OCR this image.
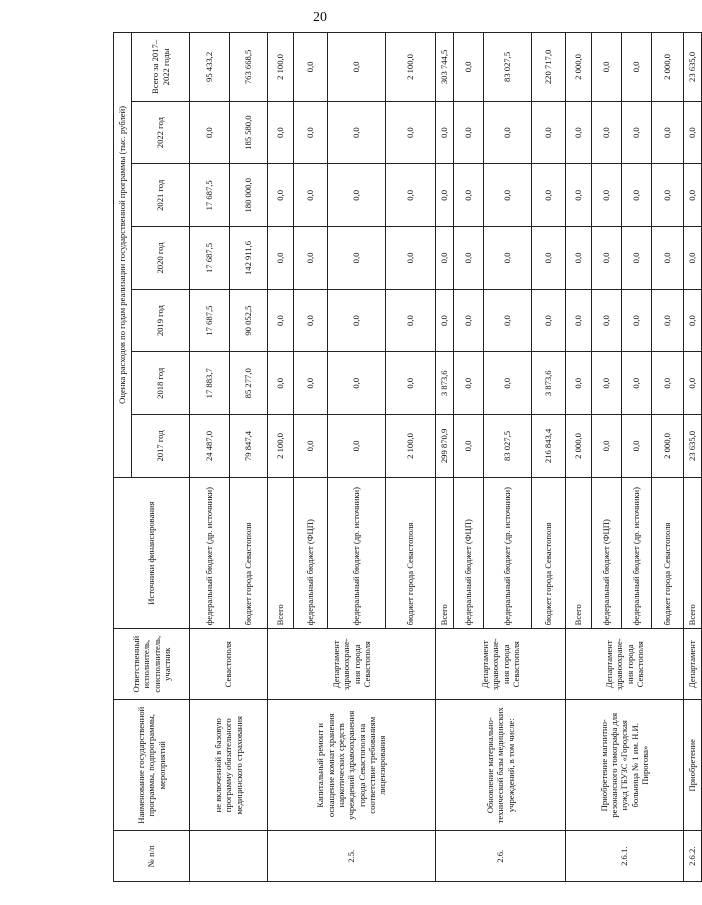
20
№ п/п	Наименование государственной программы, подпрограммы, мероприятий	Ответственный исполнитель, соисполнитель, участник	Источники финансирования	Оценка расходов по годам реализации государственной программы (тыс. рублей)						
				2017 год	2018 год	2019 год	2020 год	2021 год	2022 год	Всего за 2017–2022 годы
	не включенной в базовую программу обязательного медицинского страхования	Севастополя	федеральный бюджет (др. источники)	24 487,0	17 883,7	17 687,5	17 687,5	17 687,5	0,0	95 433,2
			бюджет города Севастополя	79 847,4	85 277,0	90 052,5	142 911,6	180 000,0	185 580,0	763 668,5
2.5.	Капитальный ремонт и оснащение комнат хранения наркотических средств учреждений здравоохранения города Севастополя на соответствие требованиям лицензирования	Департамент здравоохране-ния города Севастополя	Всего	2 100,0	0,0	0,0	0,0	0,0	0,0	2 100,0
			федеральный бюджет (ФЦП)	0,0	0,0	0,0	0,0	0,0	0,0	0,0
			федеральный бюджет (др. источники)	0,0	0,0	0,0	0,0	0,0	0,0	0,0
			бюджет города Севастополя	2 100,0	0,0	0,0	0,0	0,0	0,0	2 100,0
2.6.	Обновление материально-технической базы медицинских учреждений, в том числе:	Департамент здравоохране-ния города Севастополя	Всего	299 870,9	3 873,6	0,0	0,0	0,0	0,0	303 744,5
			федеральный бюджет (ФЦП)	0,0	0,0	0,0	0,0	0,0	0,0	0,0
			федеральный бюджет (др. источники)	83 027,5	0,0	0,0	0,0	0,0	0,0	83 027,5
			бюджет города Севастополя	216 843,4	3 873,6	0,0	0,0	0,0	0,0	220 717,0
2.6.1.	Приобретение магнитно-резонансного томографа для нужд ГБУЗС «Городская больница № 1 им. Н.И. Пирогова»	Департамент здравоохране-ния города Севастополя	Всего	2 000,0	0,0	0,0	0,0	0,0	0,0	2 000,0
			федеральный бюджет (ФЦП)	0,0	0,0	0,0	0,0	0,0	0,0	0,0
			федеральный бюджет (др. источники)	0,0	0,0	0,0	0,0	0,0	0,0	0,0
			бюджет города Севастополя	2 000,0	0,0	0,0	0,0	0,0	0,0	2 000,0
2.6.2.	Приобретение	Департамент	Всего	23 635,0	0,0	0,0	0,0	0,0	0,0	23 635,0
